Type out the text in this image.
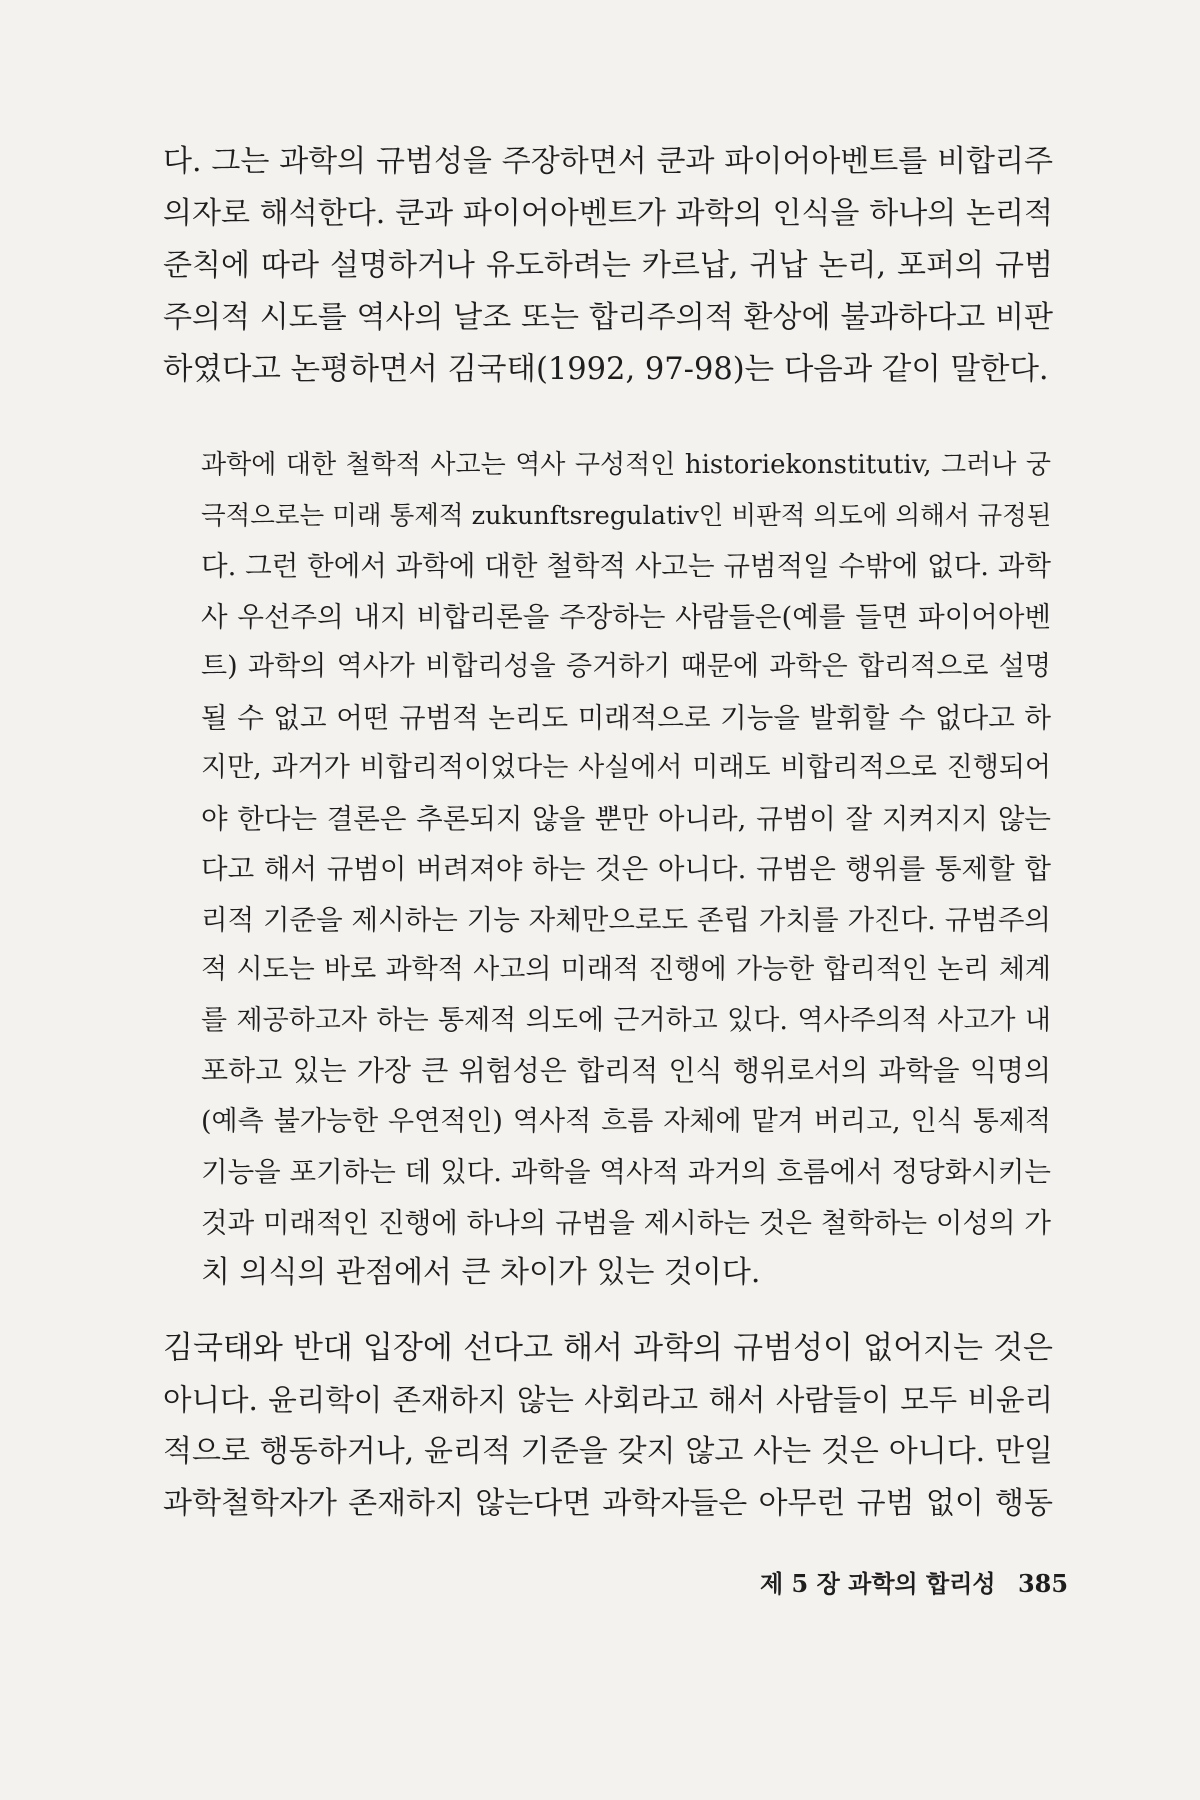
다. 그는 과학의 규범성을 주장하면서 쿤과 파이어아벤트를 비합리주
의자로 해석한다. 쿤과 파이어아벤트가 과학의 인식을 하나의 논리적
준칙에 따라 설명하거나 유도하려는 카르납, 귀납 논리, 포퍼의 규범
주의적 시도를 역사의 날조 또는 합리주의적 환상에 불과하다고 비판
하였다고 논평하면서 김국태(1992, 97-98)는 다음과 같이 말한다.
과학에 대한 철학적 사고는 역사 구성적인 historiekonstitutiv, 그러나 궁
극적으로는 미래 통제적 zukunftsregulativ인 비판적 의도에 의해서 규정된
다. 그런 한에서 과학에 대한 철학적 사고는 규범적일 수밖에 없다. 과학
사 우선주의 내지 비합리론을 주장하는 사람들은(예를 들면 파이어아벤
트) 과학의 역사가 비합리성을 증거하기 때문에 과학은 합리적으로 설명
될 수 없고 어떤 규범적 논리도 미래적으로 기능을 발휘할 수 없다고 하
지만, 과거가 비합리적이었다는 사실에서 미래도 비합리적으로 진행되어
야 한다는 결론은 추론되지 않을 뿐만 아니라, 규범이 잘 지켜지지 않는
다고 해서 규범이 버려져야 하는 것은 아니다. 규범은 행위를 통제할 합
리적 기준을 제시하는 기능 자체만으로도 존립 가치를 가진다. 규범주의
적 시도는 바로 과학적 사고의 미래적 진행에 가능한 합리적인 논리 체계
를 제공하고자 하는 통제적 의도에 근거하고 있다. 역사주의적 사고가 내
포하고 있는 가장 큰 위험성은 합리적 인식 행위로서의 과학을 익명의
(예측 불가능한 우연적인) 역사적 흐름 자체에 맡겨 버리고, 인식 통제적
기능을 포기하는 데 있다. 과학을 역사적 과거의 흐름에서 정당화시키는
것과 미래적인 진행에 하나의 규범을 제시하는 것은 철학하는 이성의 가
치 의식의 관점에서 큰 차이가 있는 것이다.
김국태와 반대 입장에 선다고 해서 과학의 규범성이 없어지는 것은
아니다. 윤리학이 존재하지 않는 사회라고 해서 사람들이 모두 비윤리
적으로 행동하거나, 윤리적 기준을 갖지 않고 사는 것은 아니다. 만일
과학철학자가 존재하지 않는다면 과학자들은 아무런 규범 없이 행동
제 5 장 과학의 합리성 385
